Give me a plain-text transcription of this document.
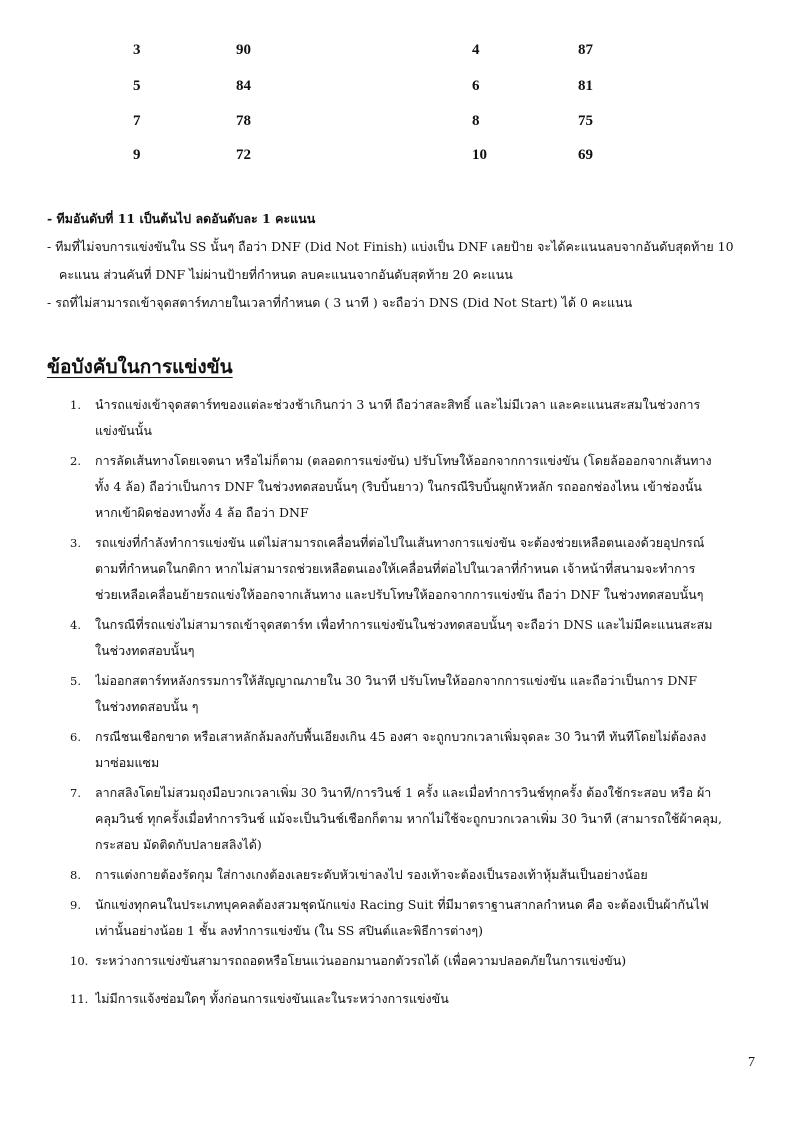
3	90	4	87
5	84	6	81
7	78	8	75
9	72	10	69
- ทีมอันดับที่ 11 เป็นต้นไป ลดอันดับละ 1 คะแนน
- ทีมที่ไม่จบการแข่งขันใน SS นั้นๆ ถือว่า DNF (Did Not Finish) แบ่งเป็น DNF เลยป้าย จะได้คะแนนลบจากอันดับสุดท้าย 10
คะแนน ส่วนคันที่ DNF ไม่ผ่านป้ายที่กำหนด ลบคะแนนจากอันดับสุดท้าย 20 คะแนน
- รถที่ไม่สามารถเข้าจุดสตาร์ทภายในเวลาที่กำหนด ( 3 นาที ) จะถือว่า DNS (Did Not Start) ได้ 0 คะแนน
ข้อบังคับในการแข่งขัน
1. นำรถแข่งเข้าจุดสตาร์ทของแต่ละช่วงช้าเกินกว่า 3 นาที ถือว่าสละสิทธิ์ และไม่มีเวลา และคะแนนสะสมในช่วงการ
แข่งขันนั้น
2. การลัดเส้นทางโดยเจตนา หรือไม่ก็ตาม (ตลอดการแข่งขัน) ปรับโทษให้ออกจากการแข่งขัน (โดยล้อออกจากเส้นทาง
ทั้ง 4 ล้อ) ถือว่าเป็นการ DNF ในช่วงทดสอบนั้นๆ (ริบบิ้นยาว) ในกรณีริบบิ้นผูกหัวหลัก รถออกช่องไหน เข้าช่องนั้น
หากเข้าผิดช่องทางทั้ง 4 ล้อ ถือว่า DNF
3. รถแข่งที่กำลังทำการแข่งขัน แต่ไม่สามารถเคลื่อนที่ต่อไปในเส้นทางการแข่งขัน จะต้องช่วยเหลือตนเองด้วยอุปกรณ์
ตามที่กำหนดในกติกา หากไม่สามารถช่วยเหลือตนเองให้เคลื่อนที่ต่อไปในเวลาที่กำหนด เจ้าหน้าที่สนามจะทำการ
ช่วยเหลือเคลื่อนย้ายรถแข่งให้ออกจากเส้นทาง และปรับโทษให้ออกจากการแข่งขัน ถือว่า DNF ในช่วงทดสอบนั้นๆ
4. ในกรณีที่รถแข่งไม่สามารถเข้าจุดสตาร์ท เพื่อทำการแข่งขันในช่วงทดสอบนั้นๆ จะถือว่า DNS และไม่มีคะแนนสะสม
ในช่วงทดสอบนั้นๆ
5. ไม่ออกสตาร์ทหลังกรรมการให้สัญญาณภายใน 30 วินาที ปรับโทษให้ออกจากการแข่งขัน และถือว่าเป็นการ DNF
ในช่วงทดสอบนั้น ๆ
6. กรณีชนเชือกขาด หรือเสาหลักล้มลงกับพื้นเอียงเกิน 45 องศา จะถูกบวกเวลาเพิ่มจุดละ 30 วินาที ทันทีโดยไม่ต้องลง
มาซ่อมแซม
7. ลากสลิงโดยไม่สวมถุงมือบวกเวลาเพิ่ม 30 วินาที/การวินช์ 1 ครั้ง และเมื่อทำการวินช์ทุกครั้ง ต้องใช้กระสอบ หรือ ผ้า
คลุมวินช์ ทุกครั้งเมื่อทำการวินช์ แม้จะเป็นวินช์เชือกก็ตาม หากไม่ใช้จะถูกบวกเวลาเพิ่ม 30 วินาที (สามารถใช้ผ้าคลุม,
กระสอบ มัดติดกับปลายสลิงได้)
8. การแต่งกายต้องรัดกุม ใส่กางเกงต้องเลยระดับหัวเข่าลงไป รองเท้าจะต้องเป็นรองเท้าหุ้มส้นเป็นอย่างน้อย
9. นักแข่งทุกคนในประเภทบุคคลต้องสวมชุดนักแข่ง Racing Suit ที่มีมาตราฐานสากลกำหนด คือ จะต้องเป็นผ้ากันไฟ
เท่านั้นอย่างน้อย 1 ชั้น ลงทำการแข่งขัน (ใน SS สปินต์และพิธีการต่างๆ)
10. ระหว่างการแข่งขันสามารถถอดหรือโยนแว่นออกมานอกตัวรถได้ (เพื่อความปลอดภัยในการแข่งขัน)
11. ไม่มีการแจ้งซ่อมใดๆ ทั้งก่อนการแข่งขันและในระหว่างการแข่งขัน
7
